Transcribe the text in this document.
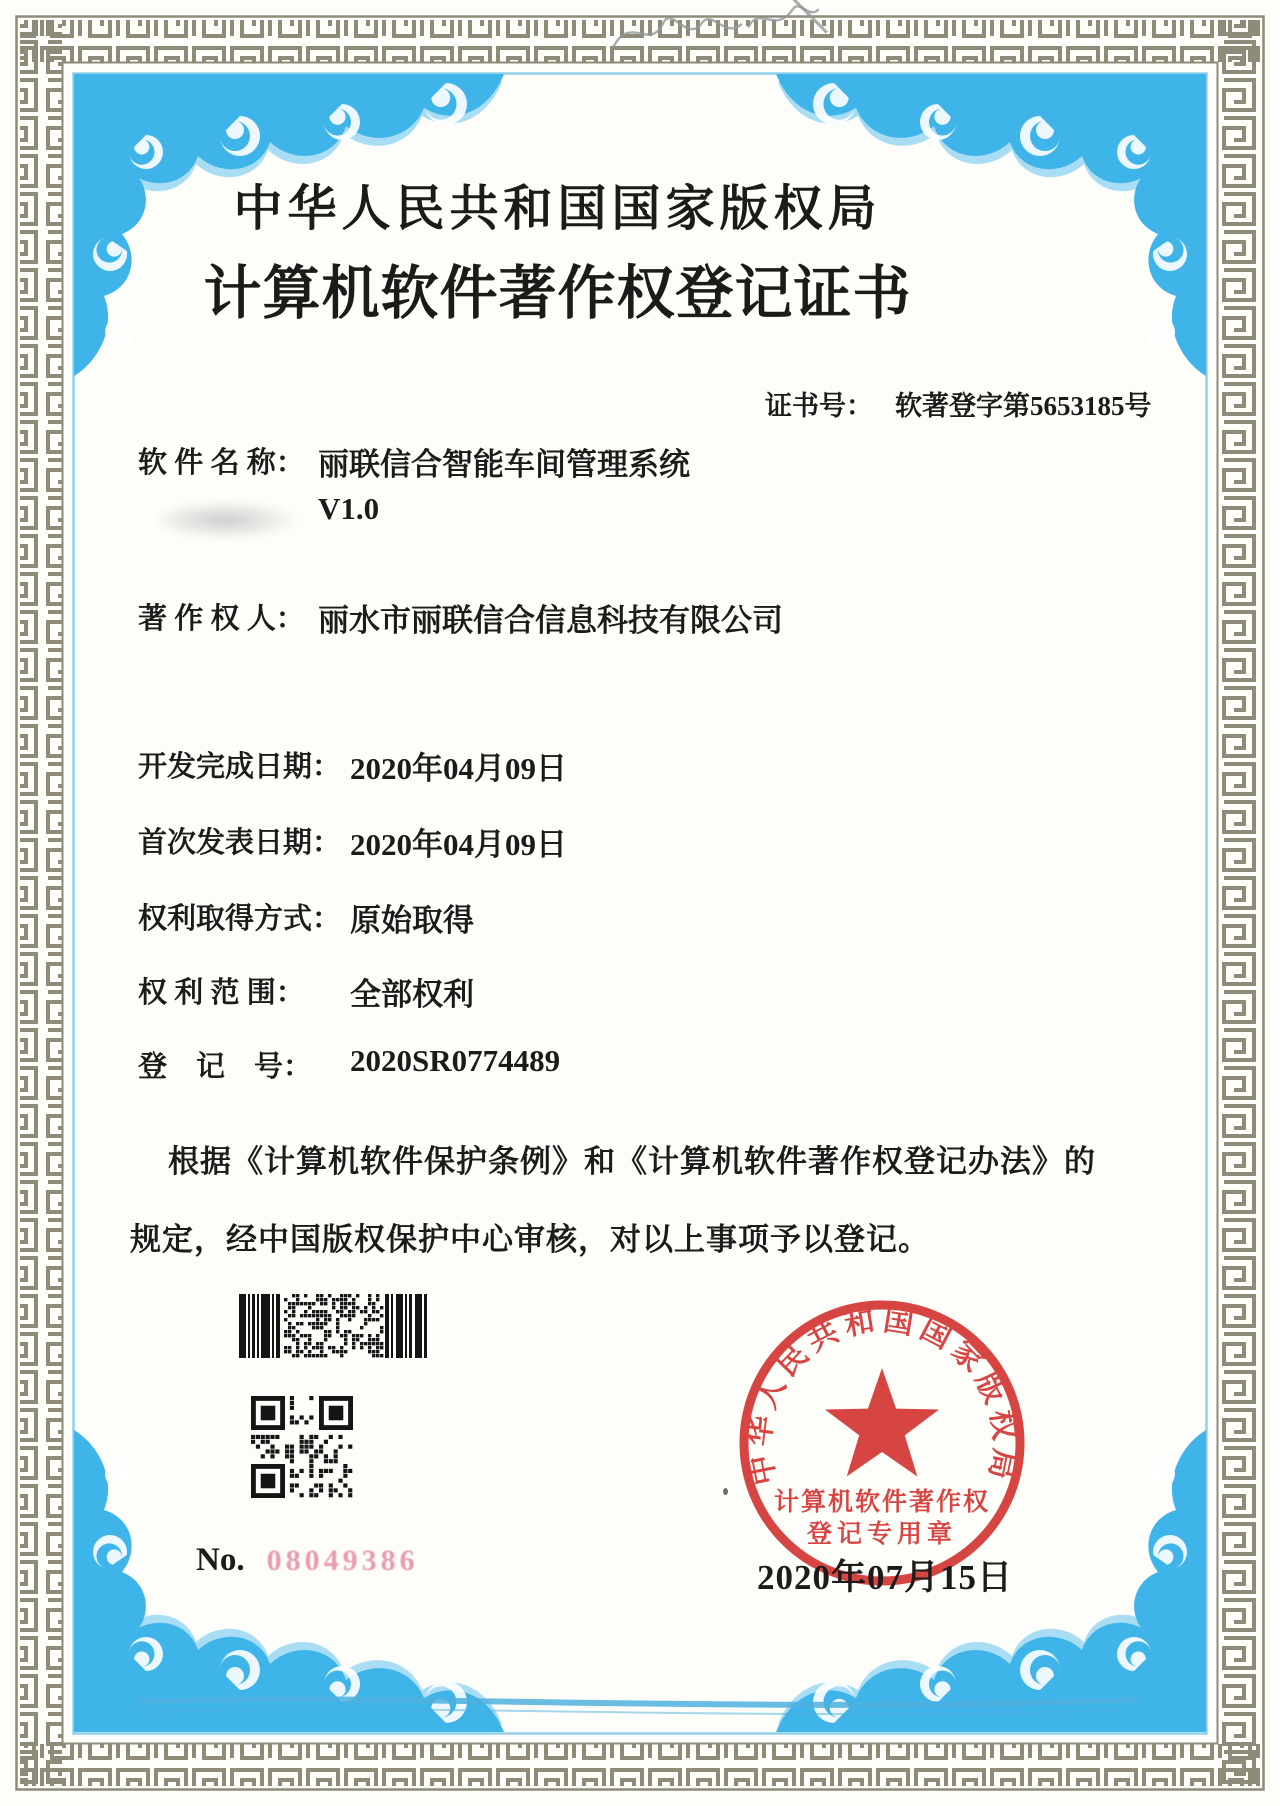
中华人民共和国国家版权局
计算机软件著作权登记证书
证书号： 软著登字第5653185号
软 件 名 称： 丽联信合智能车间管理系统
V1.0
著 作 权 人： 丽水市丽联信合信息科技有限公司
开发完成日期： 2020年04月09日
首次发表日期： 2020年04月09日
权利取得方式： 原始取得
权 利 范 围： 全部权利
登　记　号： 2020SR0774489
根据《计算机软件保护条例》和《计算机软件著作权登记办法》的
规定，经中国版权保护中心审核，对以上事项予以登记。
No. 08049386
中华人民共和国国家版权局
计算机软件著作权
登记专用章
2020年07月15日
